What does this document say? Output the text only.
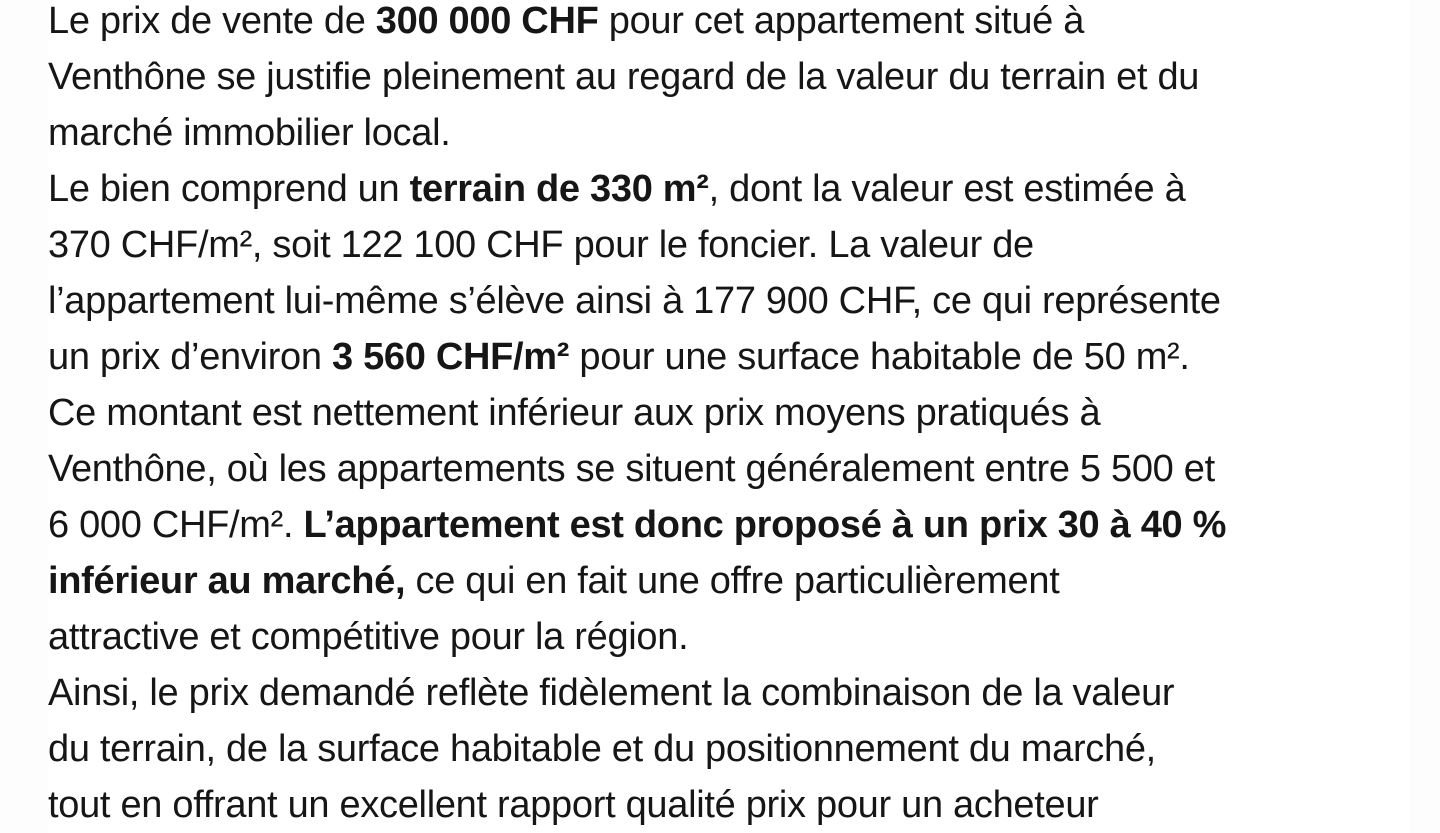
Le prix de vente de 300 000 CHF pour cet appartement situé à
Venthône se justifie pleinement au regard de la valeur du terrain et du
marché immobilier local.
Le bien comprend un terrain de 330 m², dont la valeur est estimée à
370 CHF/m², soit 122 100 CHF pour le foncier. La valeur de
l’appartement lui-même s’élève ainsi à 177 900 CHF, ce qui représente
un prix d’environ 3 560 CHF/m² pour une surface habitable de 50 m².
Ce montant est nettement inférieur aux prix moyens pratiqués à
Venthône, où les appartements se situent généralement entre 5 500 et
6 000 CHF/m². L’appartement est donc proposé à un prix 30 à 40 %
inférieur au marché, ce qui en fait une offre particulièrement
attractive et compétitive pour la région.
Ainsi, le prix demandé reflète fidèlement la combinaison de la valeur
du terrain, de la surface habitable et du positionnement du marché,
tout en offrant un excellent rapport qualité prix pour un acheteur
